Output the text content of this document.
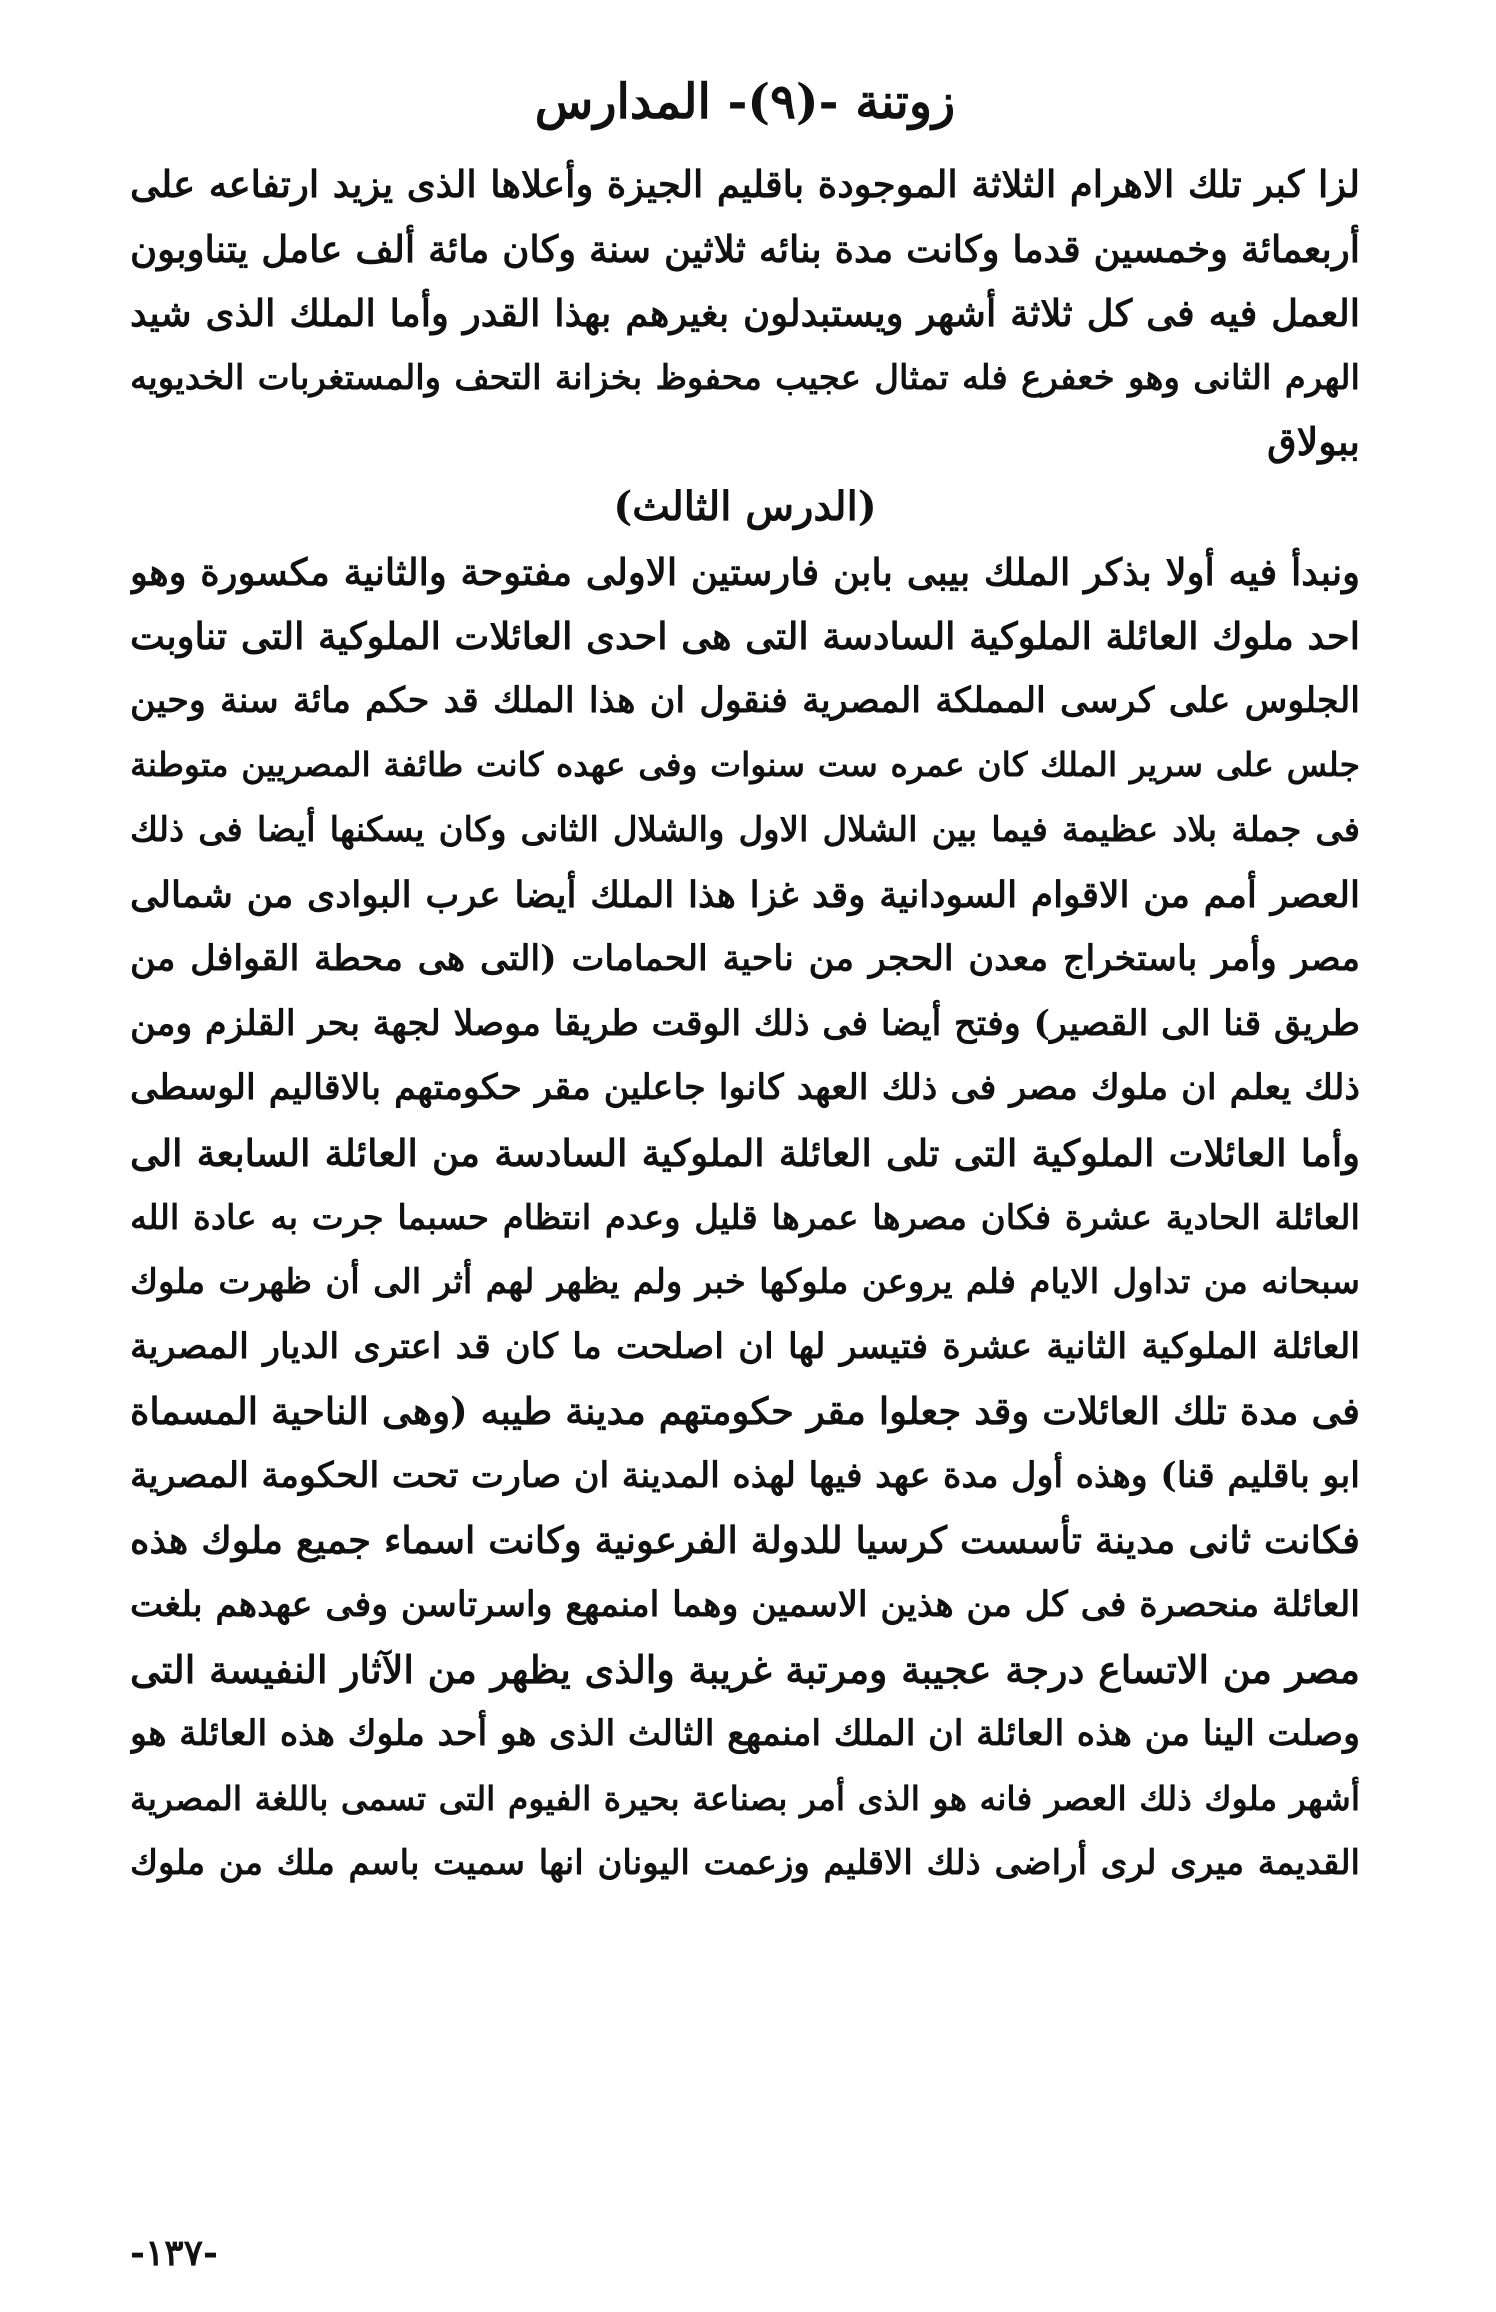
زوتنة -(٩)- المدارس
لزا كبر تلك الاهرام الثلاثة الموجودة باقليم الجيزة وأعلاها الذى يزيد ارتفاعه على
أربعمائة وخمسين قدما وكانت مدة بنائه ثلاثين سنة وكان مائة ألف عامل يتناوبون
العمل فيه فى كل ثلاثة أشهر ويستبدلون بغيرهم بهذا القدر وأما الملك الذى شيد
الهرم الثانى وهو خعفرع فله تمثال عجيب محفوظ بخزانة التحف والمستغربات الخديويه
ببولاق
(الدرس الثالث)
ونبدأ فيه أولا بذكر الملك بيبى بابن فارستين الاولى مفتوحة والثانية مكسورة وهو
احد ملوك العائلة الملوكية السادسة التى هى احدى العائلات الملوكية التى تناوبت
الجلوس على كرسى المملكة المصرية فنقول ان هذا الملك قد حكم مائة سنة وحين
جلس على سرير الملك كان عمره ست سنوات وفى عهده كانت طائفة المصريين متوطنة
فى جملة بلاد عظيمة فيما بين الشلال الاول والشلال الثانى وكان يسكنها أيضا فى ذلك
العصر أمم من الاقوام السودانية وقد غزا هذا الملك أيضا عرب البوادى من شمالى
مصر وأمر باستخراج معدن الحجر من ناحية الحمامات (التى هى محطة القوافل من
طريق قنا الى القصير) وفتح أيضا فى ذلك الوقت طريقا موصلا لجهة بحر القلزم ومن
ذلك يعلم ان ملوك مصر فى ذلك العهد كانوا جاعلين مقر حكومتهم بالاقاليم الوسطى
وأما العائلات الملوكية التى تلى العائلة الملوكية السادسة من العائلة السابعة الى
العائلة الحادية عشرة فكان مصرها عمرها قليل وعدم انتظام حسبما جرت به عادة الله
سبحانه من تداول الايام فلم يروعن ملوكها خبر ولم يظهر لهم أثر الى أن ظهرت ملوك
العائلة الملوكية الثانية عشرة فتيسر لها ان اصلحت ما كان قد اعترى الديار المصرية
فى مدة تلك العائلات وقد جعلوا مقر حكومتهم مدينة طيبه (وهى الناحية المسماة
ابو باقليم قنا) وهذه أول مدة عهد فيها لهذه المدينة ان صارت تحت الحكومة المصرية
فكانت ثانى مدينة تأسست كرسيا للدولة الفرعونية وكانت اسماء جميع ملوك هذه
العائلة منحصرة فى كل من هذين الاسمين وهما امنمهع واسرتاسن وفى عهدهم بلغت
مصر من الاتساع درجة عجيبة ومرتبة غريبة والذى يظهر من الآثار النفيسة التى
وصلت الينا من هذه العائلة ان الملك امنمهع الثالث الذى هو أحد ملوك هذه العائلة هو
أشهر ملوك ذلك العصر فانه هو الذى أمر بصناعة بحيرة الفيوم التى تسمى باللغة المصرية
القديمة ميرى لرى أراضى ذلك الاقليم وزعمت اليونان انها سميت باسم ملك من ملوك
-١٣٧-
